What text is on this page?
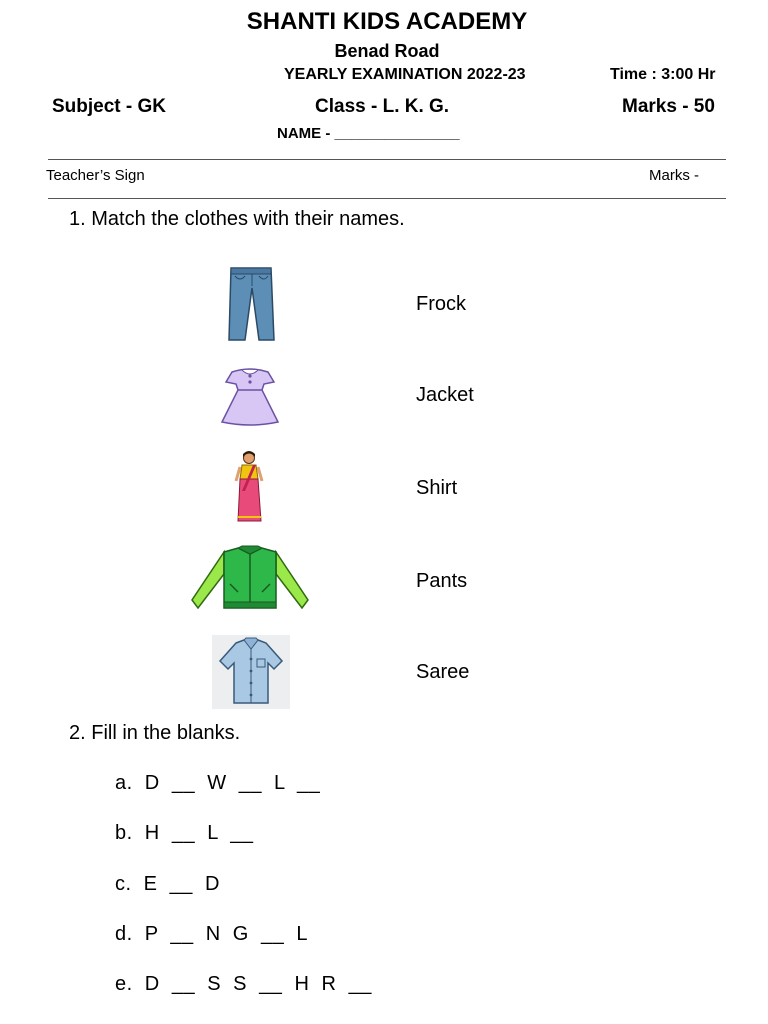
SHANTI KIDS ACADEMY
Benad Road
YEARLY EXAMINATION 2022-23	Time : 3:00 Hr
Subject - GK	Class - L. K. G.	Marks - 50
NAME - _______________
Teacher’s Sign	Marks -
1. Match the clothes with their names.
Frock
Jacket
Shirt
Pants
Saree
2. Fill in the blanks.
a.  D  __  W  __  L  __
b.  H  __  L  __
c.  E  __  D
d.  P  __  N  G  __  L
e.  D  __  S  S  __  H  R  __
